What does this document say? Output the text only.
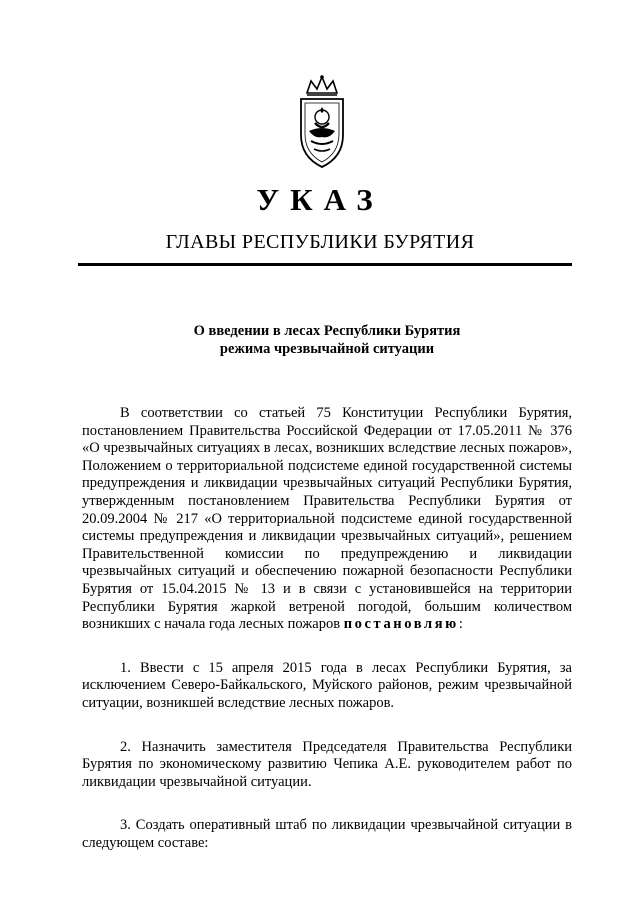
УКАЗ
ГЛАВЫ РЕСПУБЛИКИ БУРЯТИЯ
О введении в лесах Республики Бурятия
режима чрезвычайной ситуации

В соответствии со статьей 75 Конституции Республики Бурятия, постановлением Правительства Российской Федерации от 17.05.2011 № 376 «О чрезвычайных ситуациях в лесах, возникших вследствие лесных пожаров», Положением о территориальной подсистеме единой государственной системы предупреждения и ликвидации чрезвычайных ситуаций Республики Бурятия, утвержденным постановлением Правительства Республики Бурятия от 20.09.2004 № 217 «О территориальной подсистеме единой государственной системы предупреждения и ликвидации чрезвычайных ситуаций», решением Правительственной комиссии по предупреждению и ликвидации чрезвычайных ситуаций и обеспечению пожарной безопасности Республики Бурятия от 15.04.2015 № 13 и в связи с установившейся на территории Республики Бурятия жаркой ветреной погодой, большим количеством возникших с начала года лесных пожаров постановляю:

1. Ввести с 15 апреля 2015 года в лесах Республики Бурятия, за исключением Северо-Байкальского, Муйского районов, режим чрезвычайной ситуации, возникшей вследствие лесных пожаров.

2. Назначить заместителя Председателя Правительства Республики Бурятия по экономическому развитию Чепика А.Е. руководителем работ по ликвидации чрезвычайной ситуации.

3. Создать оперативный штаб по ликвидации чрезвычайной ситуации в следующем составе:
